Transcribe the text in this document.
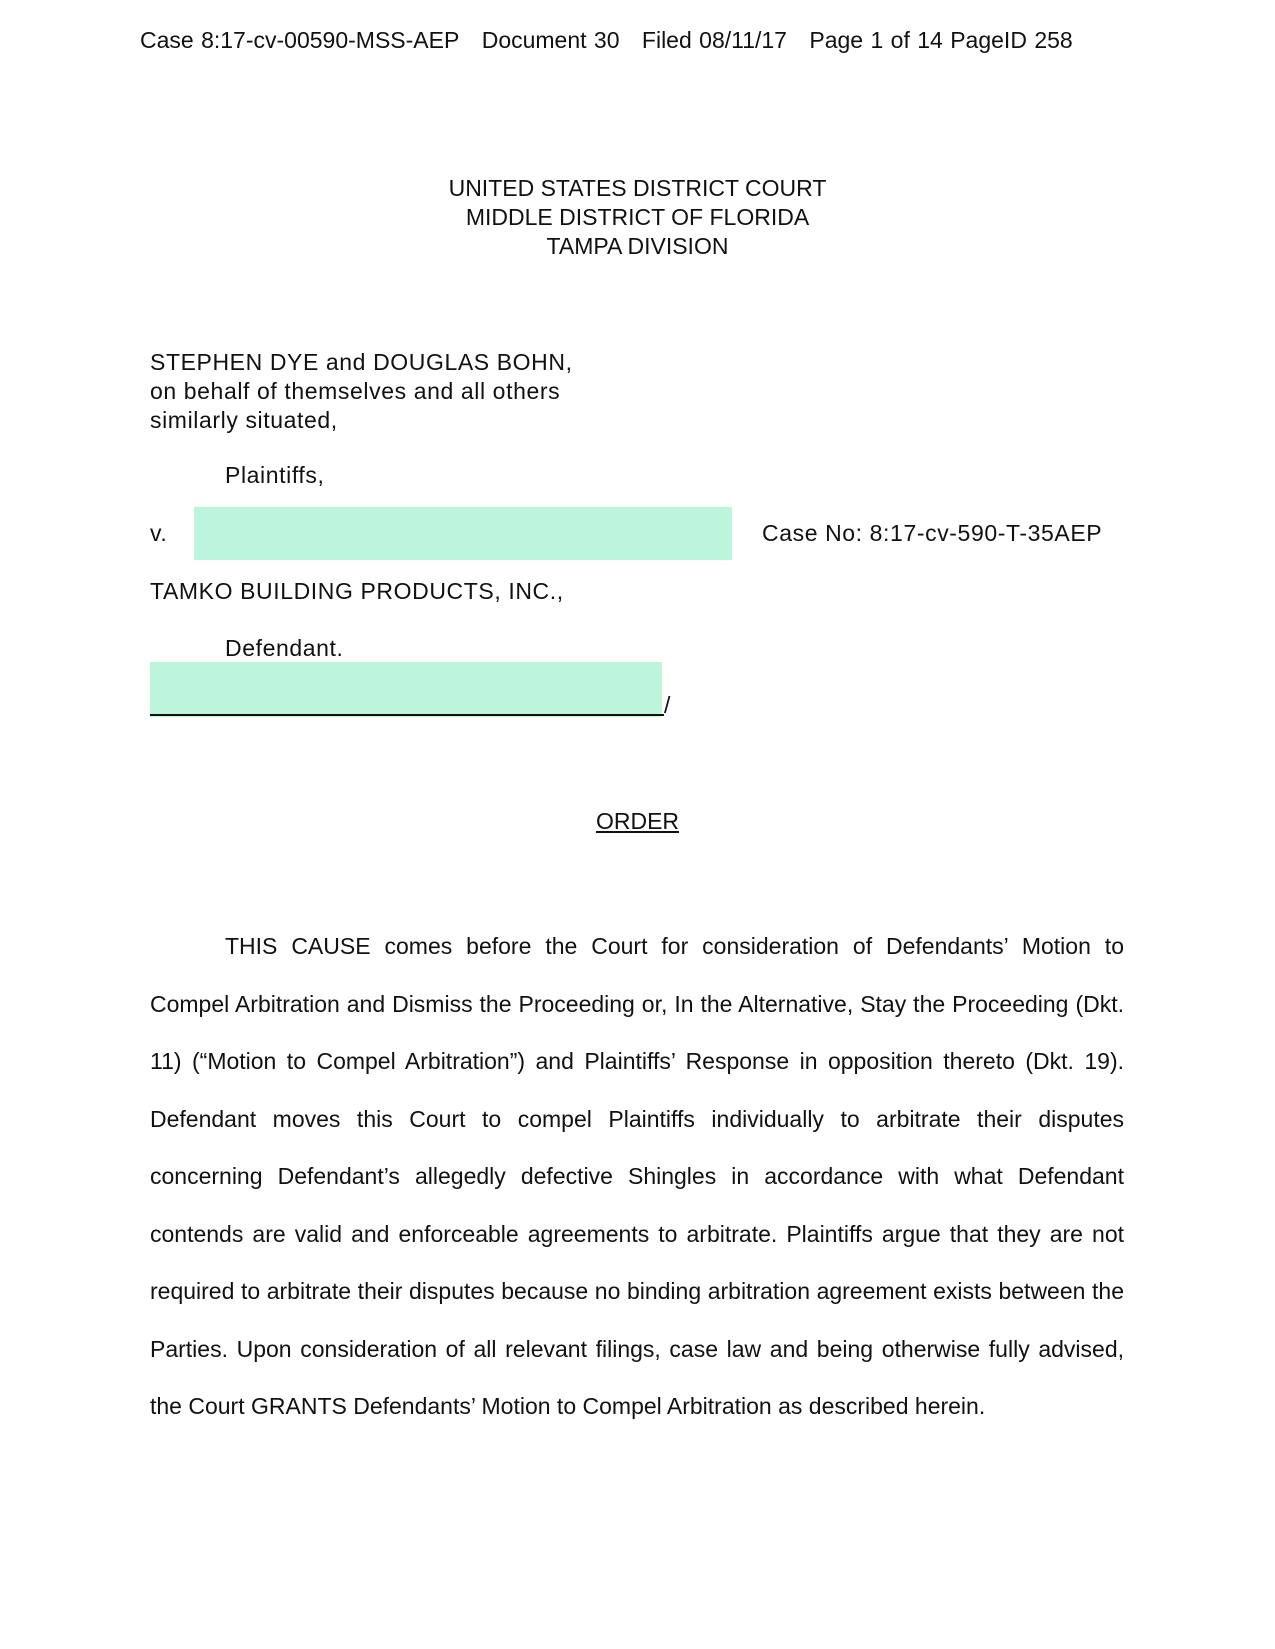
Case 8:17-cv-00590-MSS-AEP Document 30 Filed 08/11/17 Page 1 of 14 PageID 258
UNITED STATES DISTRICT COURT
MIDDLE DISTRICT OF FLORIDA
TAMPA DIVISION
STEPHEN DYE and DOUGLAS BOHN,
on behalf of themselves and all others
similarly situated,
Plaintiffs,
v.	Case No: 8:17-cv-590-T-35AEP
TAMKO BUILDING PRODUCTS, INC.,
Defendant.
/
ORDER
THIS CAUSE comes before the Court for consideration of Defendants’ Motion to Compel Arbitration and Dismiss the Proceeding or, In the Alternative, Stay the Proceeding (Dkt. 11) (“Motion to Compel Arbitration”) and Plaintiffs’ Response in opposition thereto (Dkt. 19). Defendant moves this Court to compel Plaintiffs individually to arbitrate their disputes concerning Defendant’s allegedly defective Shingles in accordance with what Defendant contends are valid and enforceable agreements to arbitrate. Plaintiffs argue that they are not required to arbitrate their disputes because no binding arbitration agreement exists between the Parties. Upon consideration of all relevant filings, case law and being otherwise fully advised, the Court GRANTS Defendants’ Motion to Compel Arbitration as described herein.
